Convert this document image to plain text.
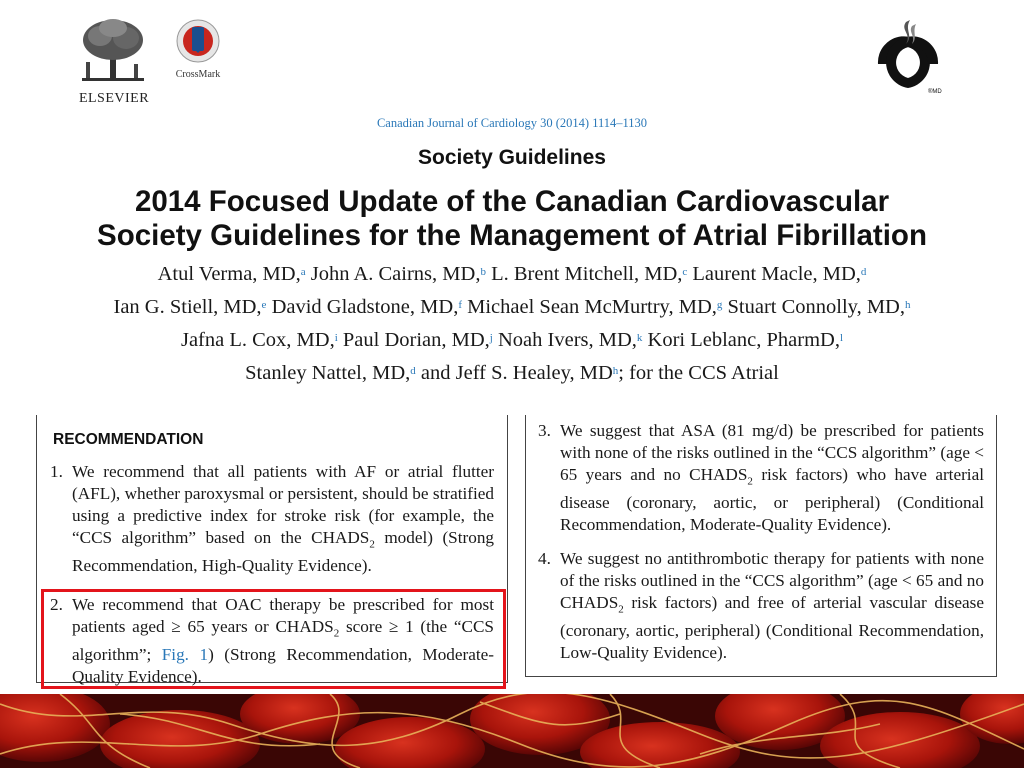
ELSEVIER
CrossMark
®MD
Canadian Journal of Cardiology 30 (2014) 1114–1130
Society Guidelines
2014 Focused Update of the Canadian Cardiovascular
Society Guidelines for the Management of Atrial Fibrillation
Atul Verma, MD,$^a$ John A. Cairns, MD,$^b$ L. Brent Mitchell, MD,$^c$ Laurent Macle, MD,$^d$
Ian G. Stiell, MD,$^e$ David Gladstone, MD,$^f$ Michael Sean McMurtry, MD,$^g$ Stuart Connolly, MD,$^h$
Jafna L. Cox, MD,$^i$ Paul Dorian, MD,$^j$ Noah Ivers, MD,$^k$ Kori Leblanc, PharmD,$^l$
Stanley Nattel, MD,$^d$ and Jeff S. Healey, $MD^h$; for the CCS Atrial
RECOMMENDATION
1. We recommend that all patients with AF or atrial flutter (AFL), whether paroxysmal or persistent, should be stratified using a predictive index for stroke risk (for example, the “CCS algorithm” based on the $CHADS_2$ model) (Strong Recommendation, High-Quality Evidence).
2. We recommend that OAC therapy be prescribed for most patients aged ≥ 65 years or $CHADS_2$ score ≥ 1 (the “CCS algorithm”; Fig. 1) (Strong Recommendation, Moderate-Quality Evidence).
3. We suggest that ASA (81 mg/d) be prescribed for patients with none of the risks outlined in the “CCS algorithm” (age < 65 years and no $CHADS_2$ risk factors) who have arterial disease (coronary, aortic, or peripheral) (Conditional Recommendation, Moderate-Quality Evidence).
4. We suggest no antithrombotic therapy for patients with none of the risks outlined in the “CCS algorithm” (age < 65 and no $CHADS_2$ risk factors) and free of arterial vascular disease (coronary, aortic, peripheral) (Conditional Recommendation, Low-Quality Evidence).
